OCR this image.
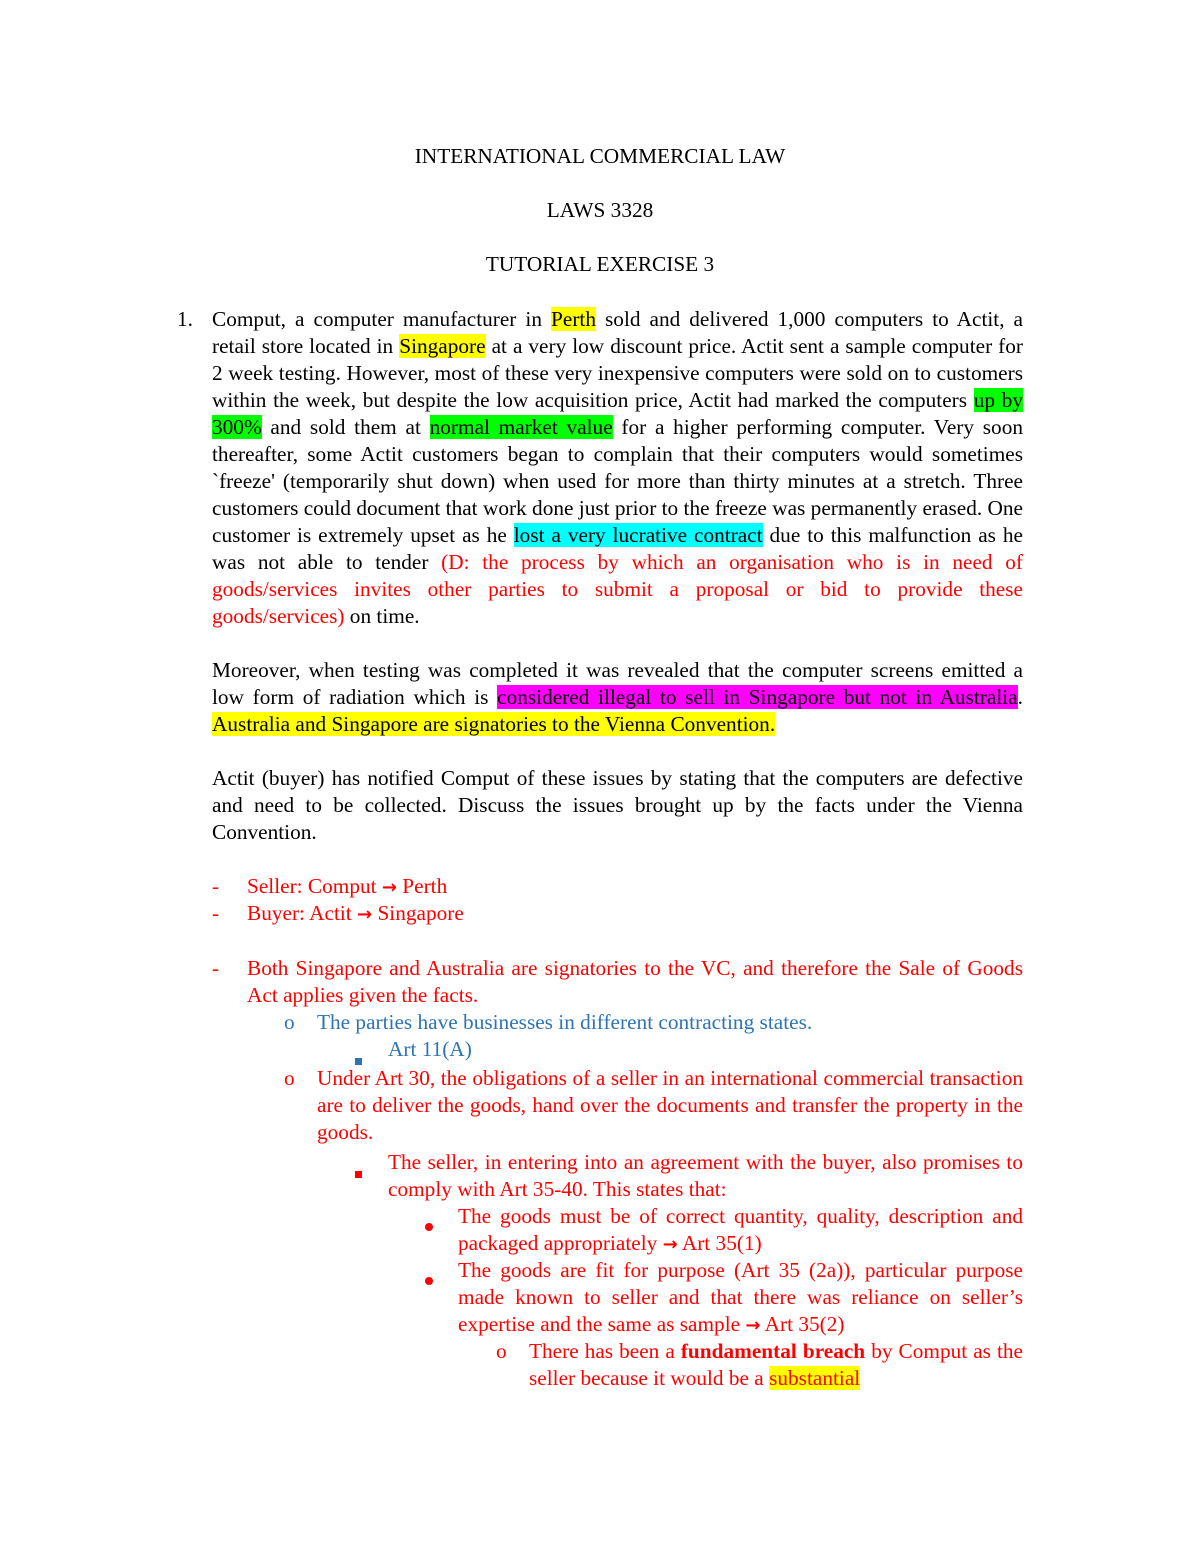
INTERNATIONAL COMMERCIAL LAW
LAWS 3328
TUTORIAL EXERCISE 3
1. Comput, a computer manufacturer in Perth sold and delivered 1,000 computers to Actit, a retail store located in Singapore at a very low discount price. Actit sent a sample computer for 2 week testing. However, most of these very inexpensive computers were sold on to customers within the week, but despite the low acquisition price, Actit had marked the computers up by 300% and sold them at normal market value for a higher performing computer. Very soon thereafter, some Actit customers began to complain that their computers would sometimes `freeze' (temporarily shut down) when used for more than thirty minutes at a stretch. Three customers could document that work done just prior to the freeze was permanently erased. One customer is extremely upset as he lost a very lucrative contract due to this malfunction as he was not able to tender (D: the process by which an organisation who is in need of goods/services invites other parties to submit a proposal or bid to provide these goods/services) on time.
Moreover, when testing was completed it was revealed that the computer screens emitted a low form of radiation which is considered illegal to sell in Singapore but not in Australia. Australia and Singapore are signatories to the Vienna Convention.
Actit (buyer) has notified Comput of these issues by stating that the computers are defective and need to be collected. Discuss the issues brought up by the facts under the Vienna Convention.
- Seller: Comput → Perth
- Buyer: Actit → Singapore
- Both Singapore and Australia are signatories to the VC, and therefore the Sale of Goods Act applies given the facts.
o The parties have businesses in different contracting states.
Art 11(A)
o Under Art 30, the obligations of a seller in an international commercial transaction are to deliver the goods, hand over the documents and transfer the property in the goods.
The seller, in entering into an agreement with the buyer, also promises to comply with Art 35-40. This states that:
The goods must be of correct quantity, quality, description and packaged appropriately → Art 35(1)
The goods are fit for purpose (Art 35 (2a)), particular purpose made known to seller and that there was reliance on seller’s expertise and the same as sample → Art 35(2)
o There has been a fundamental breach by Comput as the seller because it would be a substantial
